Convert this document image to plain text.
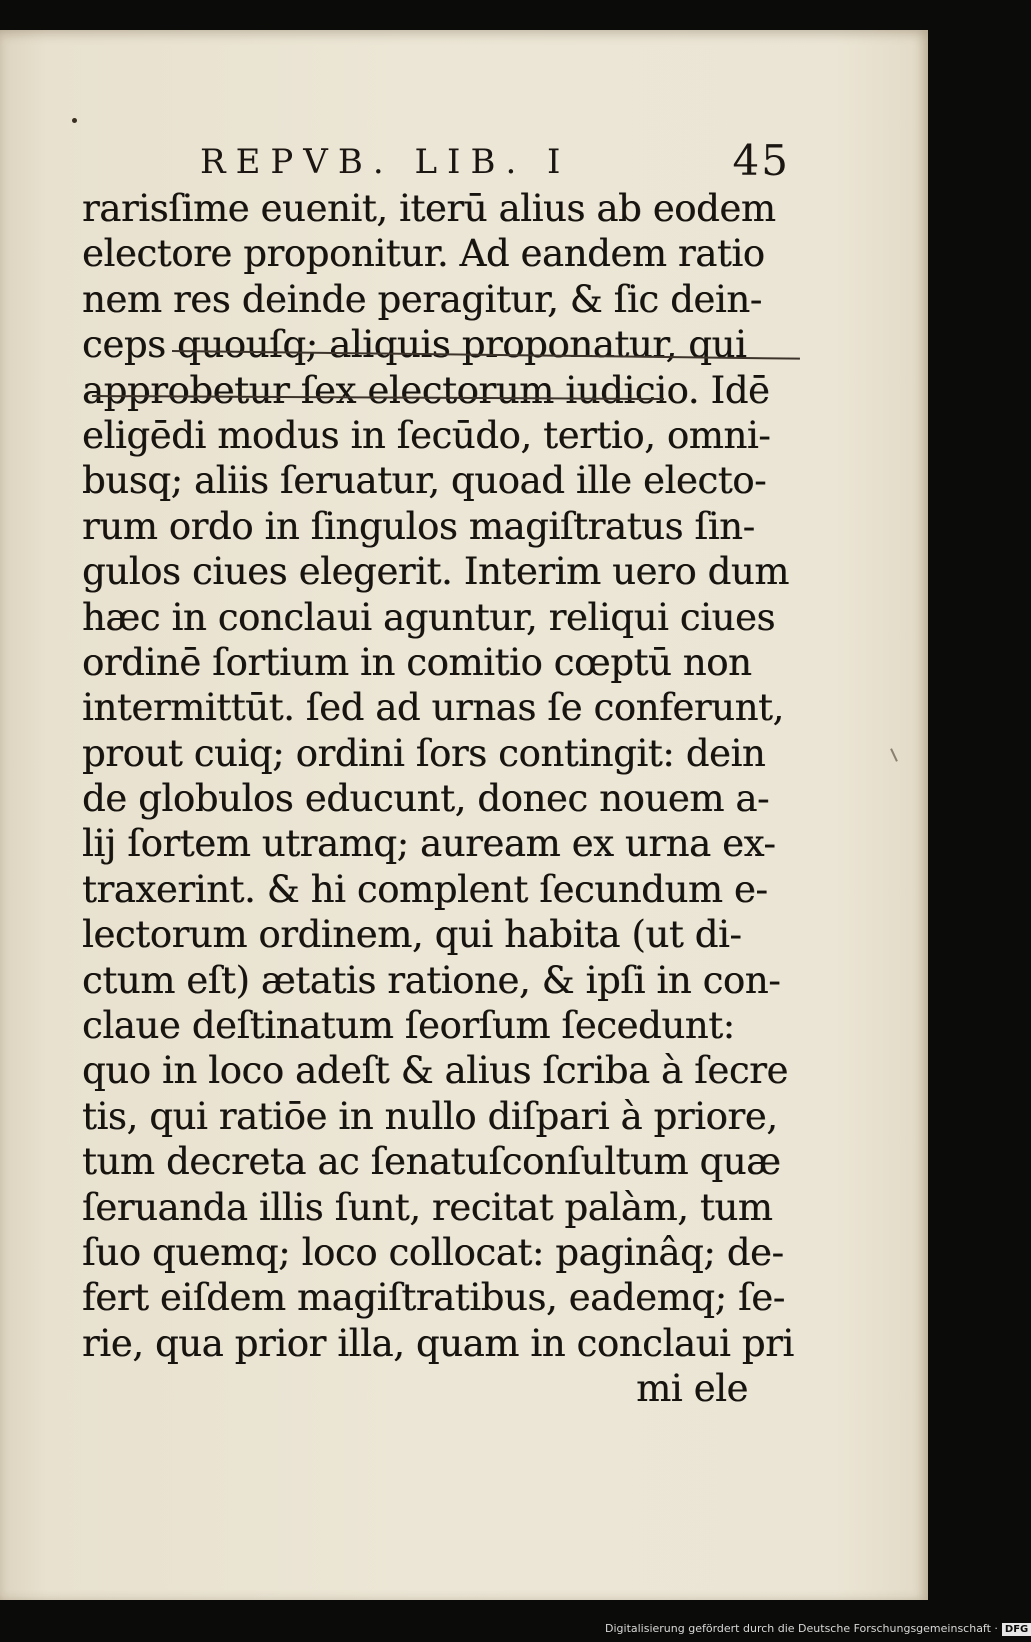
REPVB. LIB. I	45
rarisſime euenit, iterū alius ab eodem
electore proponitur. Ad eandem ratio
nem res deinde peragitur, & ſic dein-
ceps quouſq; aliquis proponatur, qui
approbetur ſex electorum iudicio. Idē
eligēdi modus in ſecūdo, tertio, omni-
busq; aliis ſeruatur, quoad ille electo-
rum ordo in ſingulos magiſtratus ſin-
gulos ciues elegerit. Interim uero dum
hæc in conclaui aguntur, reliqui ciues
ordinē ſortium in comitio cœptū non
intermittūt. ſed ad urnas ſe conferunt,
prout cuiq; ordini ſors contingit: dein
de globulos educunt, donec nouem a-
lij ſortem utramq; auream ex urna ex-
traxerint. & hi complent ſecundum e-
lectorum ordinem, qui habita (ut di-
ctum eſt) ætatis ratione, & ipſi in con-
claue deſtinatum ſeorſum ſecedunt:
quo in loco adeſt & alius ſcriba à ſecre
tis, qui ratiōe in nullo diſpari à priore,
tum decreta ac ſenatuſconſultum quæ
ſeruanda illis ſunt, recitat palàm, tum
ſuo quemq; loco collocat: paginâq; de-
fert eiſdem magiſtratibus, eademq; ſe-
rie, qua prior illa, quam in conclaui pri
mi ele
Digitalisierung gefördert durch die Deutsche Forschungsgemeinschaft · DFG
